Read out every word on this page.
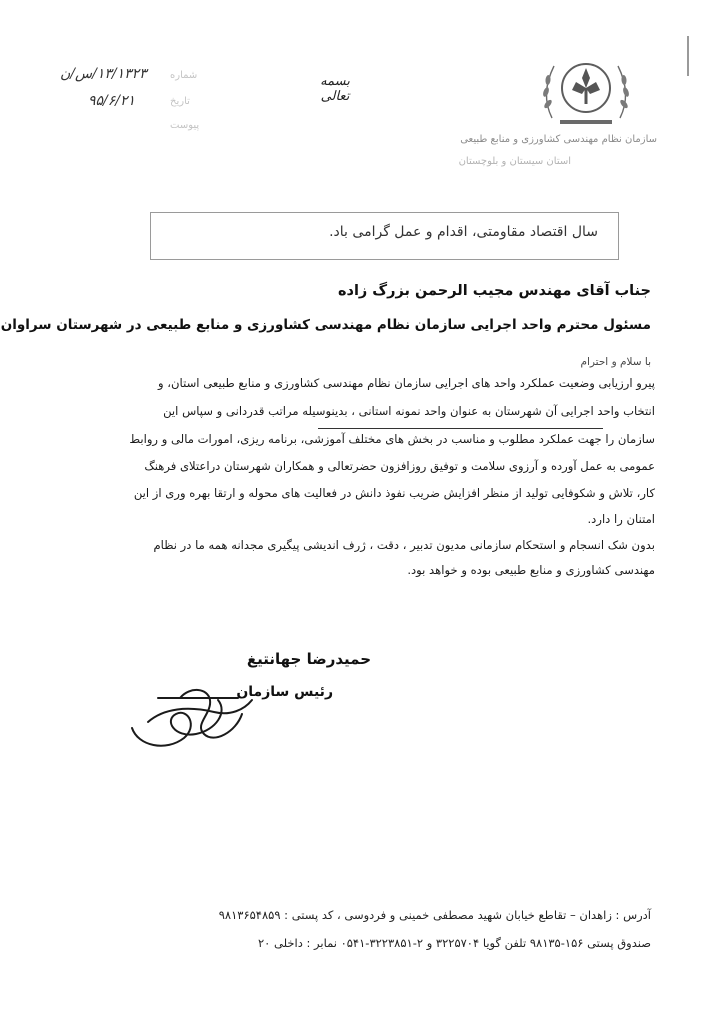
۱۳/۱۳۲۳/س/ن شماره
۹۵/۶/۲۱	تاریخ
پیوست
بسمه تعالی
سازمان نظام مهندسی کشاورزی و منابع طبیعی
استان سیستان و بلوچستان
سال اقتصاد مقاومتی، اقدام و عمل گرامی باد.
جناب آقای مهندس مجیب الرحمن بزرگ زاده
مسئول محترم واحد اجرایی سازمان نظام مهندسی کشاورزی و منابع طبیعی در شهرستان سراوان
با سلام و احترام
پیرو ارزیابی وضعیت عملکرد واحد های اجرایی سازمان نظام مهندسی کشاورزی و منابع طبیعی استان، و
انتخاب واحد اجرایی آن شهرستان به عنوان واحد نمونه استانی ، بدینوسیله مراتب قدردانی و سپاس این
سازمان را جهت عملکرد مطلوب و مناسب در بخش های مختلف آموزشی، برنامه ریزی، امورات مالی و روابط
عمومی به عمل آورده و آرزوی سلامت و توفیق روزافزون حضرتعالی و همکاران شهرستان دراعتلای فرهنگ
کار، تلاش و شکوفایی تولید از منظر افزایش ضریب نفوذ دانش در فعالیت های محوله و ارتقا بهره وری از این
امتنان را دارد.
بدون شک انسجام و استحکام سازمانی مدیون تدبیر ، دقت ، ژرف اندیشی پیگیری مجدانه همه ما در نظام
مهندسی کشاورزی و منابع طبیعی بوده و خواهد بود.
حمیدرضا جهانتیغ
رئیس سازمان
آدرس : زاهدان – تقاطع خیابان شهید مصطفی خمینی و فردوسی ، کد پستی : ۹۸۱۳۶۵۴۸۵۹
صندوق پستی ۱۵۶-۹۸۱۳۵ تلفن گویا ۳۲۲۵۷۰۴ و ۲-۳۲۲۳۸۵۱-۰۵۴۱ نمابر : داخلی ۲۰
